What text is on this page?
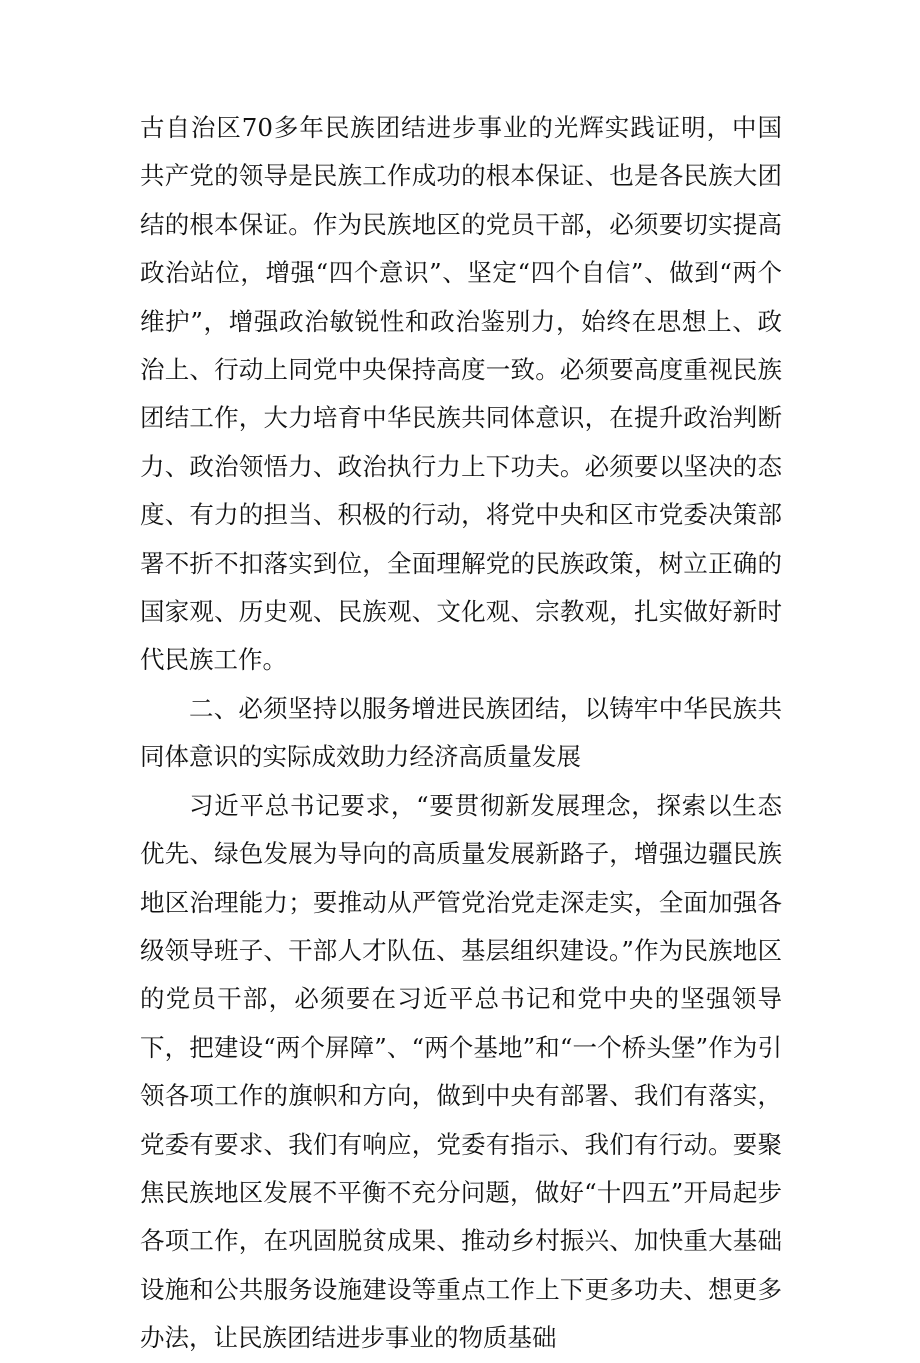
古自治区70多年民族团结进步事业的光辉实践证明，中国共产党的领导是民族工作成功的根本保证、也是各民族大团结的根本保证。作为民族地区的党员干部，必须要切实提高政治站位，增强“四个意识”、坚定“四个自信”、做到“两个维护”，增强政治敏锐性和政治鉴别力，始终在思想上、政治上、行动上同党中央保持高度一致。必须要高度重视民族团结工作，大力培育中华民族共同体意识，在提升政治判断力、政治领悟力、政治执行力上下功夫。必须要以坚决的态度、有力的担当、积极的行动，将党中央和区市党委决策部署不折不扣落实到位，全面理解党的民族政策，树立正确的国家观、历史观、民族观、文化观、宗教观，扎实做好新时代民族工作。

二、必须坚持以服务增进民族团结，以铸牢中华民族共同体意识的实际成效助力经济高质量发展

习近平总书记要求，“要贯彻新发展理念，探索以生态优先、绿色发展为导向的高质量发展新路子，增强边疆民族地区治理能力；要推动从严管党治党走深走实，全面加强各级领导班子、干部人才队伍、基层组织建设。”作为民族地区的党员干部，必须要在习近平总书记和党中央的坚强领导下，把建设“两个屏障”、“两个基地”和“一个桥头堡”作为引领各项工作的旗帜和方向，做到中央有部署、我们有落实，党委有要求、我们有响应，党委有指示、我们有行动。要聚焦民族地区发展不平衡不充分问题，做好“十四五”开局起步各项工作，在巩固脱贫成果、推动乡村振兴、加快重大基础设施和公共服务设施建设等重点工作上下更多功夫、想更多办法，让民族团结进步事业的物质基础
